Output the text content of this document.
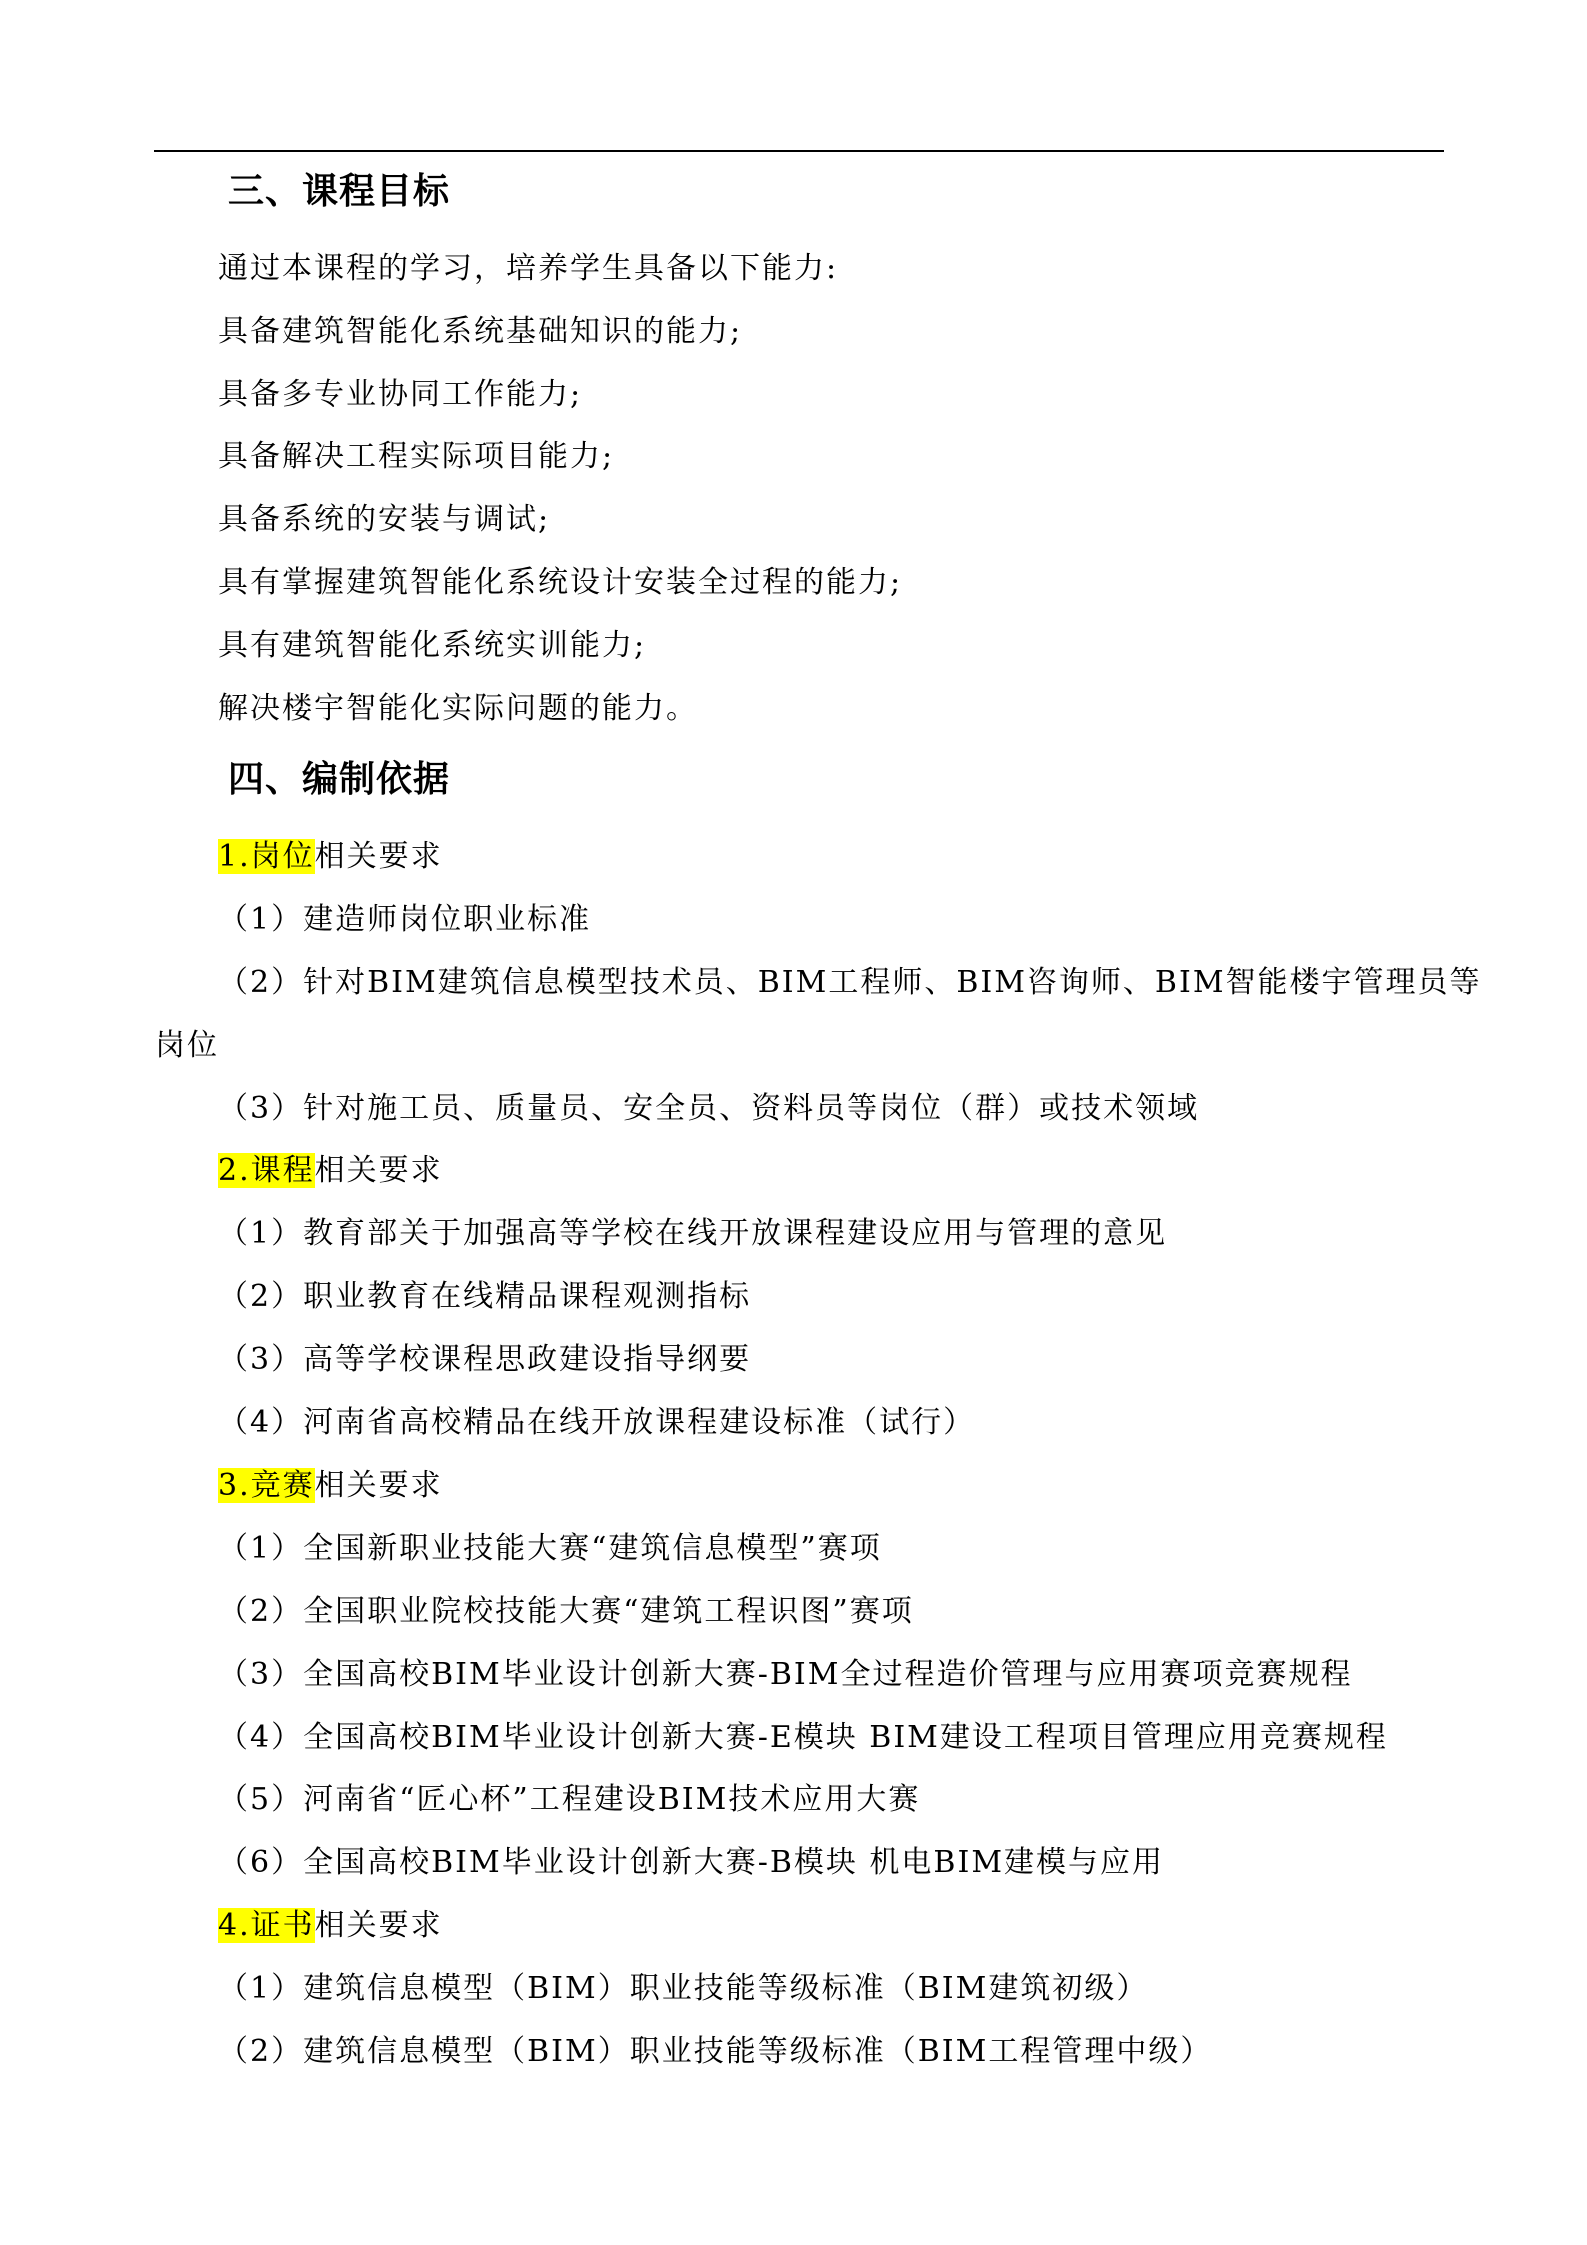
三、课程目标
通过本课程的学习，培养学生具备以下能力:
具备建筑智能化系统基础知识的能力;
具备多专业协同工作能力;
具备解决工程实际项目能力;
具备系统的安装与调试;
具有掌握建筑智能化系统设计安装全过程的能力;
具有建筑智能化系统实训能力;
解决楼宇智能化实际问题的能力。
四、编制依据
1.岗位相关要求
（1）建造师岗位职业标准
（2）针对BIM建筑信息模型技术员、BIM工程师、BIM咨询师、BIM智能楼宇管理员等
岗位
（3）针对施工员、质量员、安全员、资料员等岗位（群）或技术领域
2.课程相关要求
（1）教育部关于加强高等学校在线开放课程建设应用与管理的意见
（2）职业教育在线精品课程观测指标
（3）高等学校课程思政建设指导纲要
（4）河南省高校精品在线开放课程建设标准（试行）
3.竞赛相关要求
（1）全国新职业技能大赛“建筑信息模型”赛项
（2）全国职业院校技能大赛“建筑工程识图”赛项
（3）全国高校BIM毕业设计创新大赛-BIM全过程造价管理与应用赛项竞赛规程
（4）全国高校BIM毕业设计创新大赛-E模块 BIM建设工程项目管理应用竞赛规程
（5）河南省“匠心杯”工程建设BIM技术应用大赛
（6）全国高校BIM毕业设计创新大赛-B模块 机电BIM建模与应用
4.证书相关要求
（1）建筑信息模型（BIM）职业技能等级标准（BIM建筑初级）
（2）建筑信息模型（BIM）职业技能等级标准（BIM工程管理中级）
